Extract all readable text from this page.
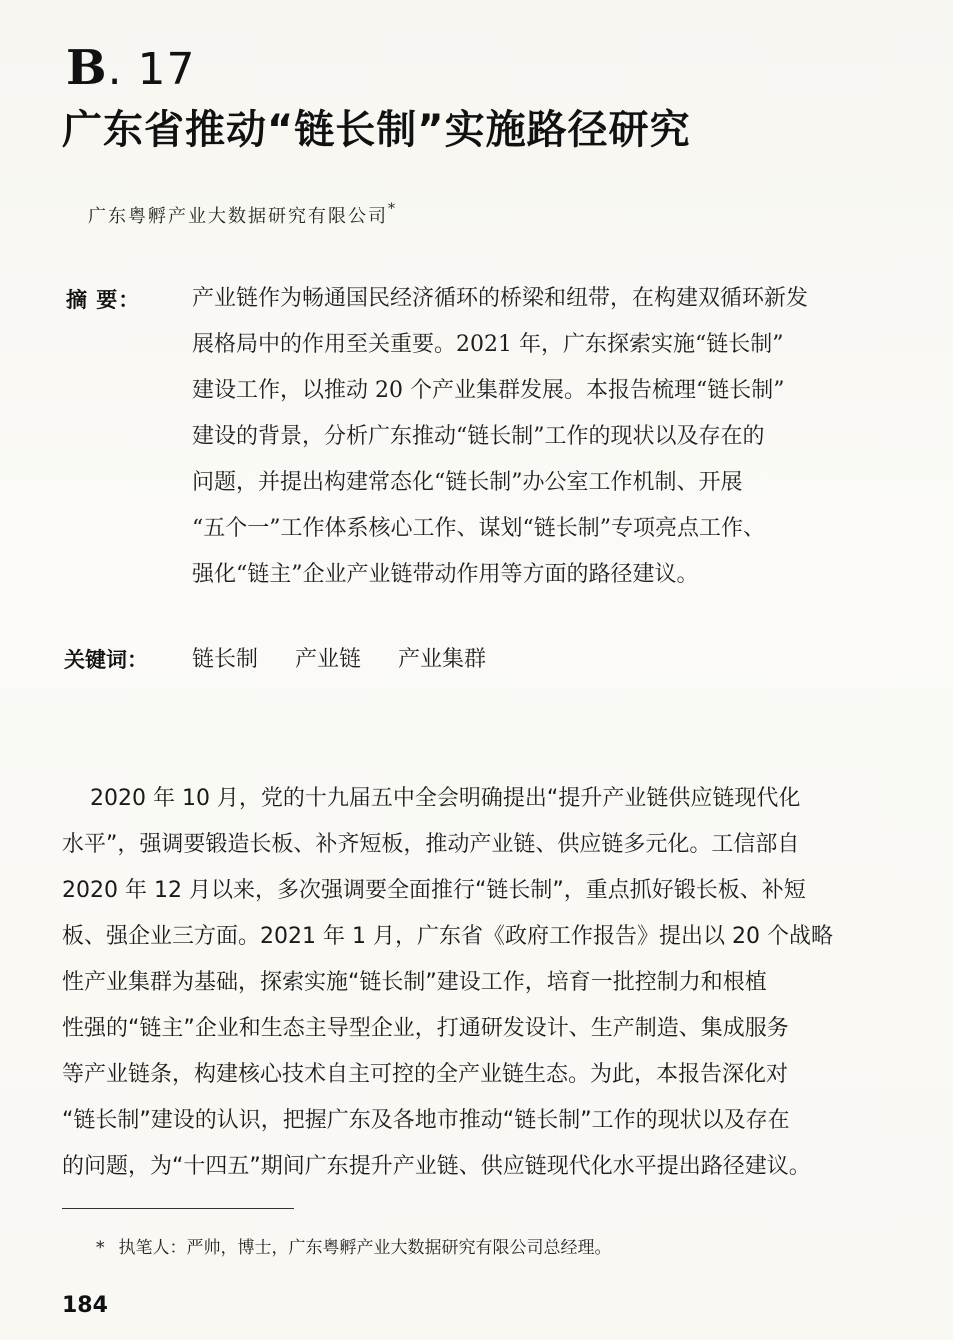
B. 17
广东省推动“链长制”实施路径研究
广东粤孵产业大数据研究有限公司*
摘 要： 产业链作为畅通国民经济循环的桥梁和纽带，在构建双循环新发
展格局中的作用至关重要。2021 年，广东探索实施“链长制”
建设工作，以推动 20 个产业集群发展。本报告梳理“链长制”
建设的背景，分析广东推动“链长制”工作的现状以及存在的
问题，并提出构建常态化“链长制”办公室工作机制、开展
“五个一”工作体系核心工作、谋划“链长制”专项亮点工作、
强化“链主”企业产业链带动作用等方面的路径建议。
关键词： 链长制 产业链 产业集群
2020 年 10 月，党的十九届五中全会明确提出“提升产业链供应链现代化
水平”，强调要锻造长板、补齐短板，推动产业链、供应链多元化。工信部自
2020 年 12 月以来，多次强调要全面推行“链长制”，重点抓好锻长板、补短
板、强企业三方面。2021 年 1 月，广东省《政府工作报告》提出以 20 个战略
性产业集群为基础，探索实施“链长制”建设工作，培育一批控制力和根植
性强的“链主”企业和生态主导型企业，打通研发设计、生产制造、集成服务
等产业链条，构建核心技术自主可控的全产业链生态。为此，本报告深化对
“链长制”建设的认识，把握广东及各地市推动“链长制”工作的现状以及存在
的问题，为“十四五”期间广东提升产业链、供应链现代化水平提出路径建议。
* 执笔人：严帅，博士，广东粤孵产业大数据研究有限公司总经理。
184
